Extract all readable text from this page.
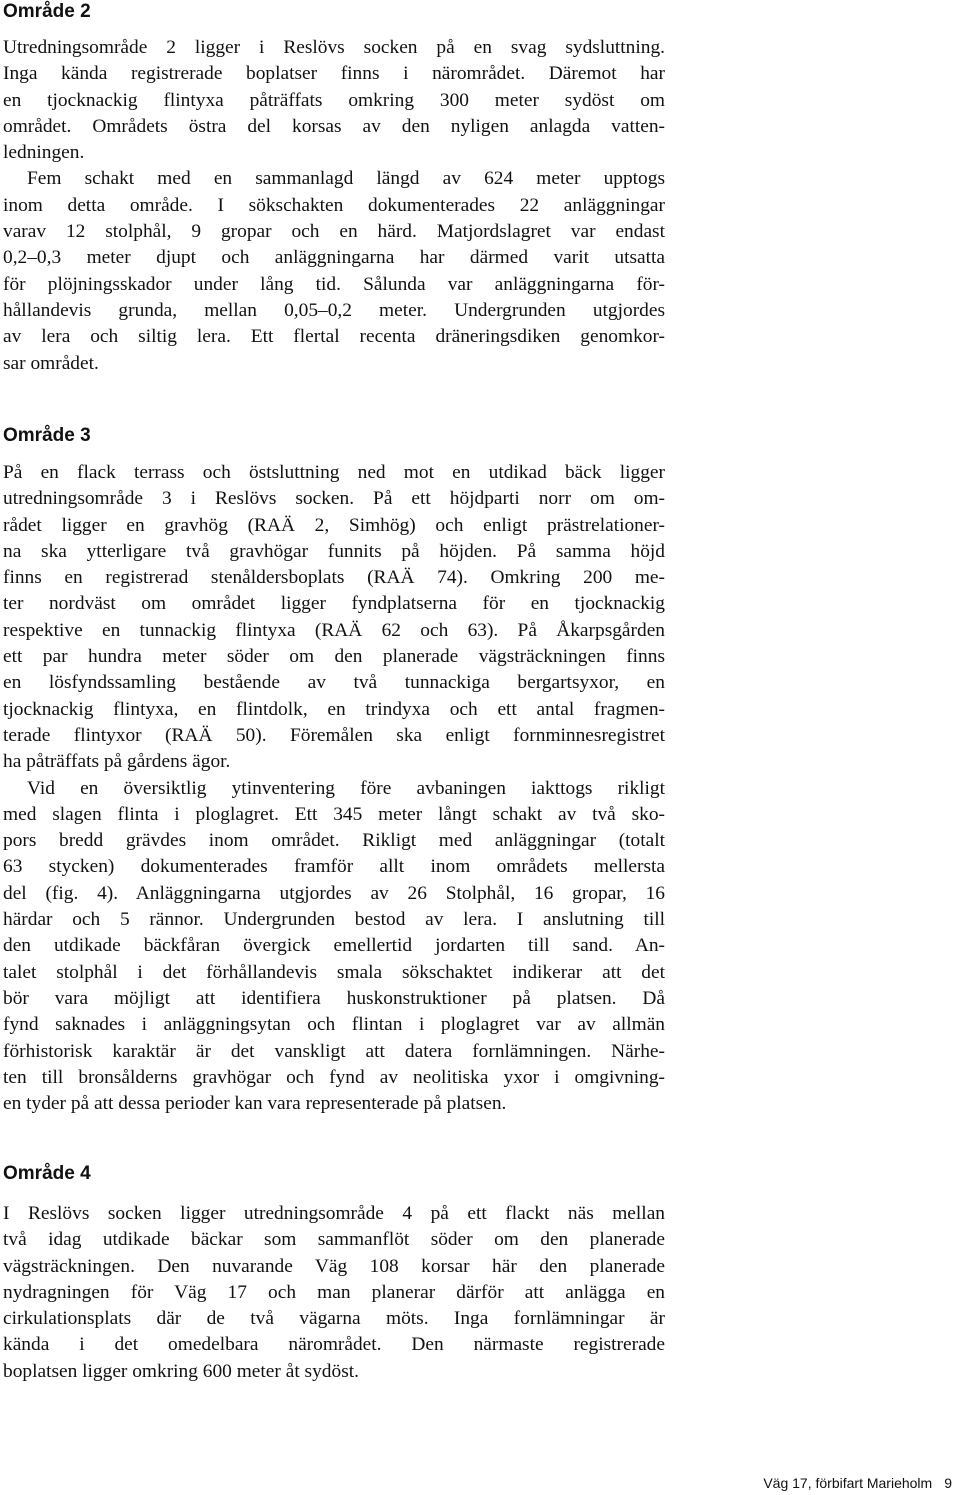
Område 2
Utredningsområde 2 ligger i Reslövs socken på en svag sydsluttning.
Inga kända registrerade boplatser finns i närområdet. Däremot har
en tjocknackig flintyxa påträffats omkring 300 meter sydöst om
området. Områdets östra del korsas av den nyligen anlagda vatten-
ledningen.
Fem schakt med en sammanlagd längd av 624 meter upptogs
inom detta område. I sökschakten dokumenterades 22 anläggningar
varav 12 stolphål, 9 gropar och en härd. Matjordslagret var endast
0,2–0,3 meter djupt och anläggningarna har därmed varit utsatta
för plöjningsskador under lång tid. Sålunda var anläggningarna för-
hållandevis grunda, mellan 0,05–0,2 meter. Undergrunden utgjordes
av lera och siltig lera. Ett flertal recenta dräneringsdiken genomkor-
sar området.
Område 3
På en flack terrass och östsluttning ned mot en utdikad bäck ligger
utredningsområde 3 i Reslövs socken. På ett höjdparti norr om om-
rådet ligger en gravhög (RAÄ 2, Simhög) och enligt prästrelationer-
na ska ytterligare två gravhögar funnits på höjden. På samma höjd
finns en registrerad stenåldersboplats (RAÄ 74). Omkring 200 me-
ter nordväst om området ligger fyndplatserna för en tjocknackig
respektive en tunnackig flintyxa (RAÄ 62 och 63). På Åkarpsgården
ett par hundra meter söder om den planerade vägsträckningen finns
en lösfyndssamling bestående av två tunnackiga bergartsyxor, en
tjocknackig flintyxa, en flintdolk, en trindyxa och ett antal fragmen-
terade flintyxor (RAÄ 50). Föremålen ska enligt fornminnesregistret
ha påträffats på gårdens ägor.
Vid en översiktlig ytinventering före avbaningen iakttogs rikligt
med slagen flinta i ploglagret. Ett 345 meter långt schakt av två sko-
pors bredd grävdes inom området. Rikligt med anläggningar (totalt
63 stycken) dokumenterades framför allt inom områdets mellersta
del (fig. 4). Anläggningarna utgjordes av 26 Stolphål, 16 gropar, 16
härdar och 5 rännor. Undergrunden bestod av lera. I anslutning till
den utdikade bäckfåran övergick emellertid jordarten till sand. An-
talet stolphål i det förhållandevis smala sökschaktet indikerar att det
bör vara möjligt att identifiera huskonstruktioner på platsen. Då
fynd saknades i anläggningsytan och flintan i ploglagret var av allmän
förhistorisk karaktär är det vanskligt att datera fornlämningen. Närhe-
ten till bronsålderns gravhögar och fynd av neolitiska yxor i omgivning-
en tyder på att dessa perioder kan vara representerade på platsen.
Område 4
I Reslövs socken ligger utredningsområde 4 på ett flackt näs mellan
två idag utdikade bäckar som sammanflöt söder om den planerade
vägsträckningen. Den nuvarande Väg 108 korsar här den planerade
nydragningen för Väg 17 och man planerar därför att anlägga en
cirkulationsplats där de två vägarna möts. Inga fornlämningar är
kända i det omedelbara närområdet. Den närmaste registrerade
boplatsen ligger omkring 600 meter åt sydöst.
Väg 17, förbifart Marieholm 9
